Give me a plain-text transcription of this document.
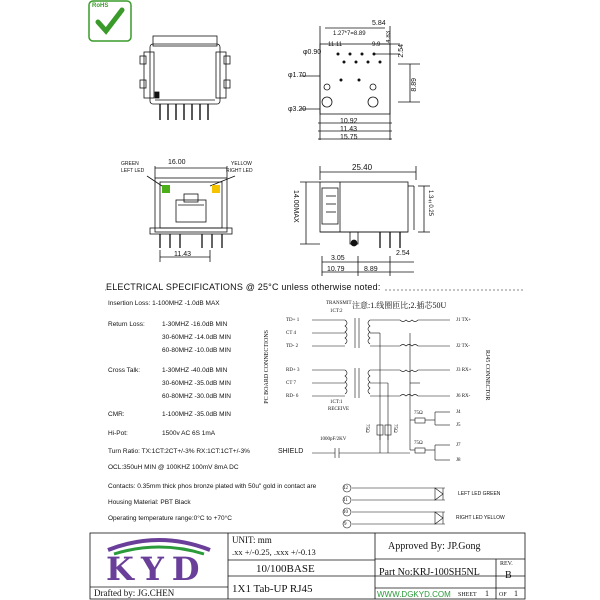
RoHS
5.84
1.27*7=8.89	4.83
φ0.90
11.11	9.9	2.54
φ1.70
8.89
φ3.20
10.92
11.43
15.75
16.00
GREEN
LEFT LED
YELLOW
RIGHT LED
11.43
25.40
14.00MAX	1.3±0.25
2.54
3.05
10.79	8.89
ELECTRICAL SPECIFICATIONS @ 25°C unless otherwise noted:
Insertion Loss: 1-100MHZ -1.0dB MAX
Return Loss:	1-30MHZ -16.0dB MIN
30-60MHZ -14.0dB MIN
60-80MHZ -10.0dB MIN
Cross Talk:	1-30MHZ -40.0dB MIN
30-60MHZ -35.0dB MIN
60-80MHZ -30.0dB MIN
CMR:	1-100MHZ -35.0dB MIN
Hi-Pot:	1500v AC 6S 1mA
Turn Ratio: TX:1CT:2CT+/-3% RX:1CT:1CT+/-3%
OCL:350uH MIN @ 100KHZ 100mV 8mA DC
Contacts: 0.35mm thick phos bronze plated with 50u" gold in contact are
Housing Material: PBT Black
Operating temperature range:0°C to +70°C
注意:1.线圈匝比;2.插芯50U
TRANSMIT
1CT:2
RECEIVE
1CT:1
PC BOARD CONNECTIONS	RJ45 CONNECTOR
TD+ 1
CT 4
TD- 2
RD+ 3
CT 7
RD- 6
J1 TX+
J2 TX-
J3 RX+
J6 RX-
J4
J5
J7
J8
75Ω	75Ω
75Ω
75Ω
1000pF/2KV
SHIELD
12
11
10
9
LEFT LED GREEN
RIGHT LED YELLOW
KYD
Drafted by: JG.CHEN
UNIT: mm
.xx +/-0.25, .xxx +/-0.13	Approved By: JP.Gong
10/100BASE
1X1 Tab-UP RJ45
Part No:KRJ-100SH5NL
REV.
B
WWW.DGKYD.COM SHEET 1 OF 1
